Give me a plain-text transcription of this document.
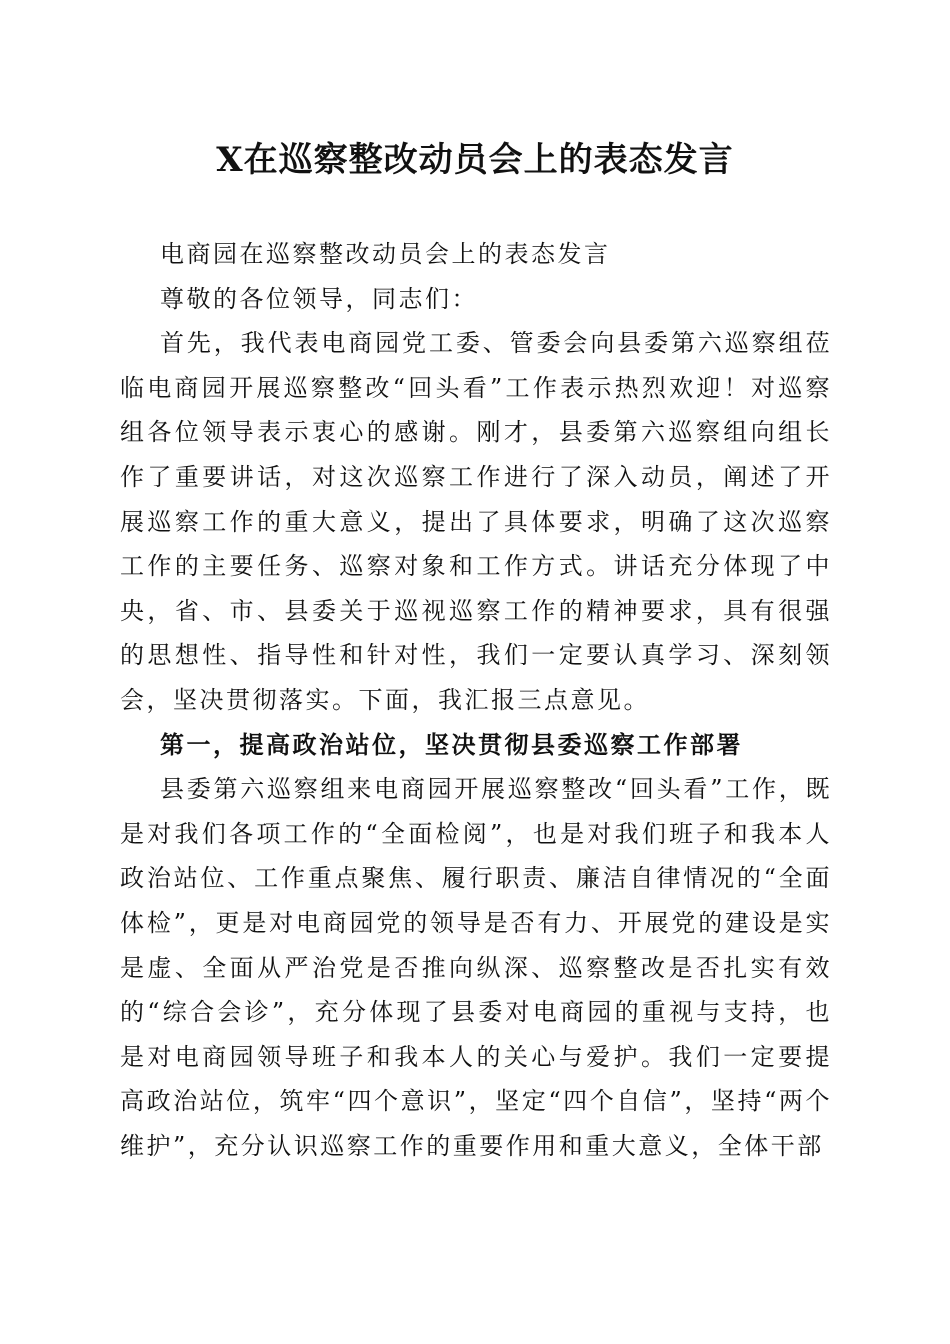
X在巡察整改动员会上的表态发言

电商园在巡察整改动员会上的表态发言

尊敬的各位领导，同志们：

首先，我代表电商园党工委、管委会向县委第六巡察组莅临电商园开展巡察整改“回头看”工作表示热烈欢迎！对巡察组各位领导表示衷心的感谢。刚才，县委第六巡察组向组长作了重要讲话，对这次巡察工作进行了深入动员，阐述了开展巡察工作的重大意义，提出了具体要求，明确了这次巡察工作的主要任务、巡察对象和工作方式。讲话充分体现了中央，省、市、县委关于巡视巡察工作的精神要求，具有很强的思想性、指导性和针对性，我们一定要认真学习、深刻领会，坚决贯彻落实。下面，我汇报三点意见。

第一，提高政治站位，坚决贯彻县委巡察工作部署

县委第六巡察组来电商园开展巡察整改“回头看”工作，既是对我们各项工作的“全面检阅”，也是对我们班子和我本人政治站位、工作重点聚焦、履行职责、廉洁自律情况的“全面体检”，更是对电商园党的领导是否有力、开展党的建设是实是虚、全面从严治党是否推向纵深、巡察整改是否扎实有效的“综合会诊”，充分体现了县委对电商园的重视与支持，也是对电商园领导班子和我本人的关心与爱护。我们一定要提高政治站位，筑牢“四个意识”，坚定“四个自信”，坚持“两个维护”，充分认识巡察工作的重要作用和重大意义，全体干部
